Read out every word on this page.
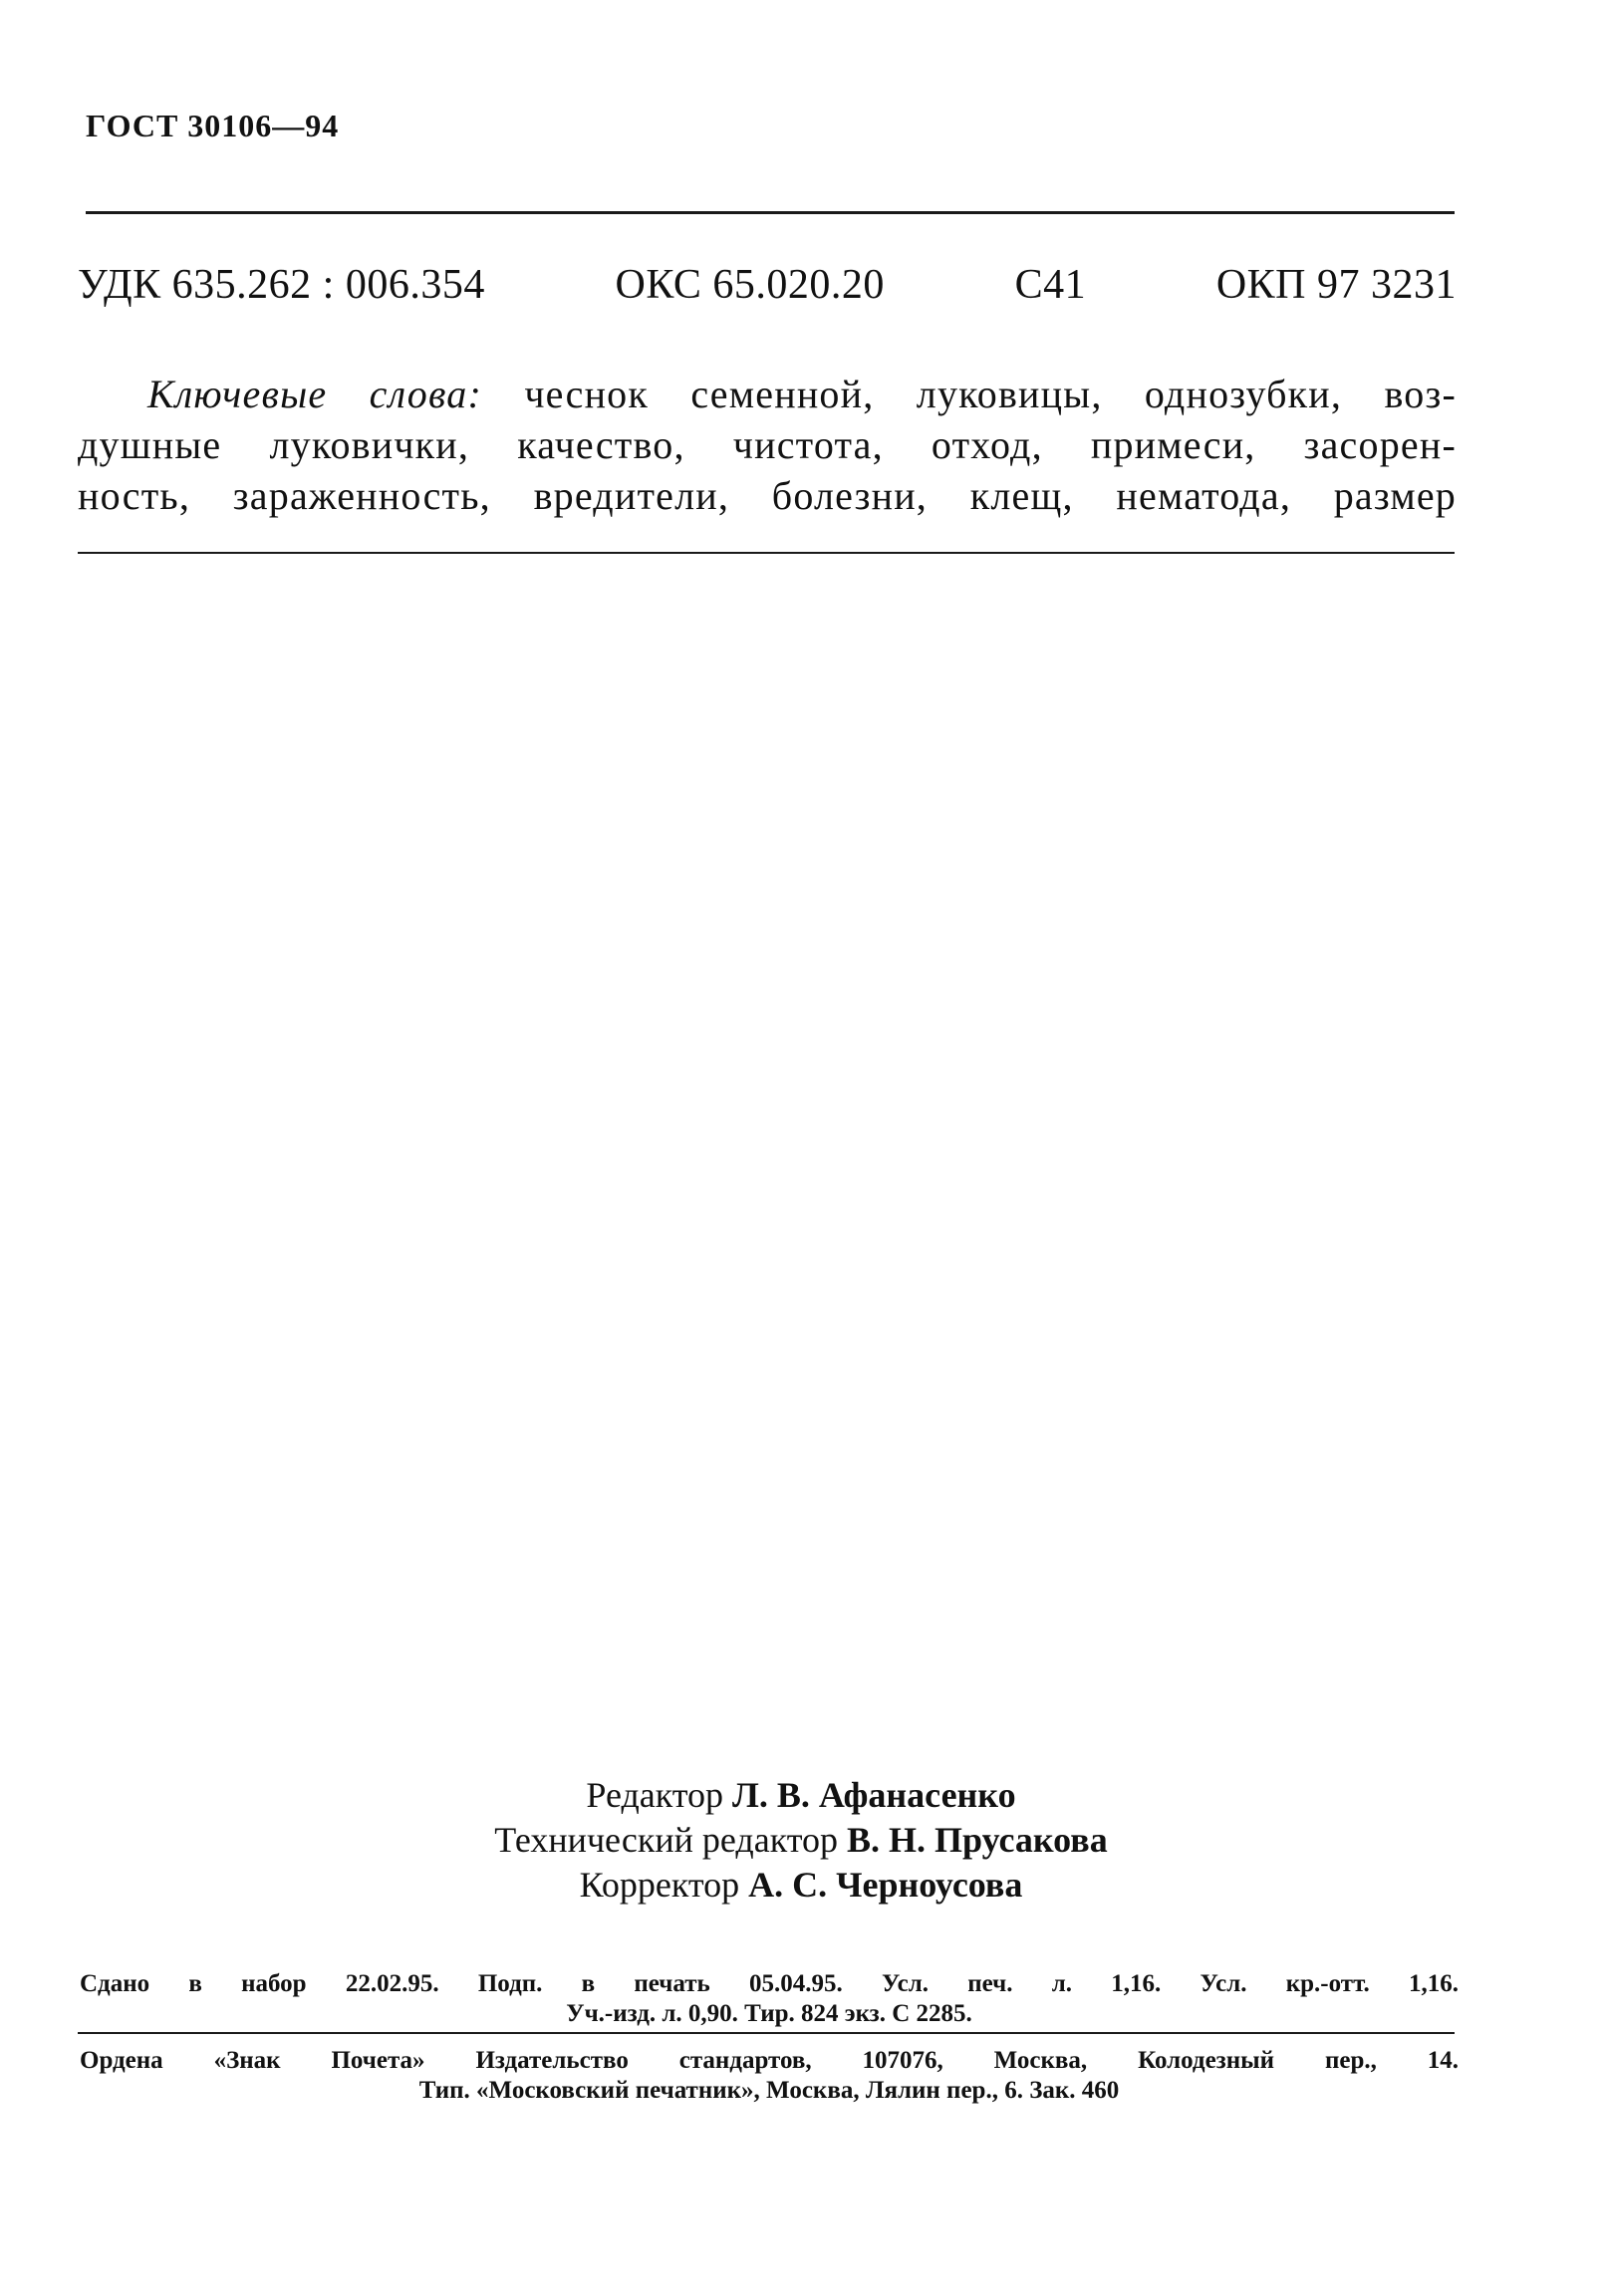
ГОСТ 30106—94
УДК 635.262 : 006.354	ОКС 65.020.20	С41	ОКП 97 3231
Ключевые слова: чеснок семенной, луковицы, однозубки, воз-
душные луковички, качество, чистота, отход, примеси, засорен-
ность, зараженность, вредители, болезни, клещ, нематода, размер
Редактор Л. В. Афанасенко
Технический редактор В. Н. Прусакова
Корректор А. С. Черноусова
Сдано в набор 22.02.95. Подп. в печать 05.04.95. Усл. печ. л. 1,16. Усл. кр.-отт. 1,16.
Уч.-изд. л. 0,90. Тир. 824 экз. С 2285.
Ордена «Знак Почета» Издательство стандартов, 107076, Москва, Колодезный пер., 14.
Тип. «Московский печатник», Москва, Лялин пер., 6. Зак. 460
